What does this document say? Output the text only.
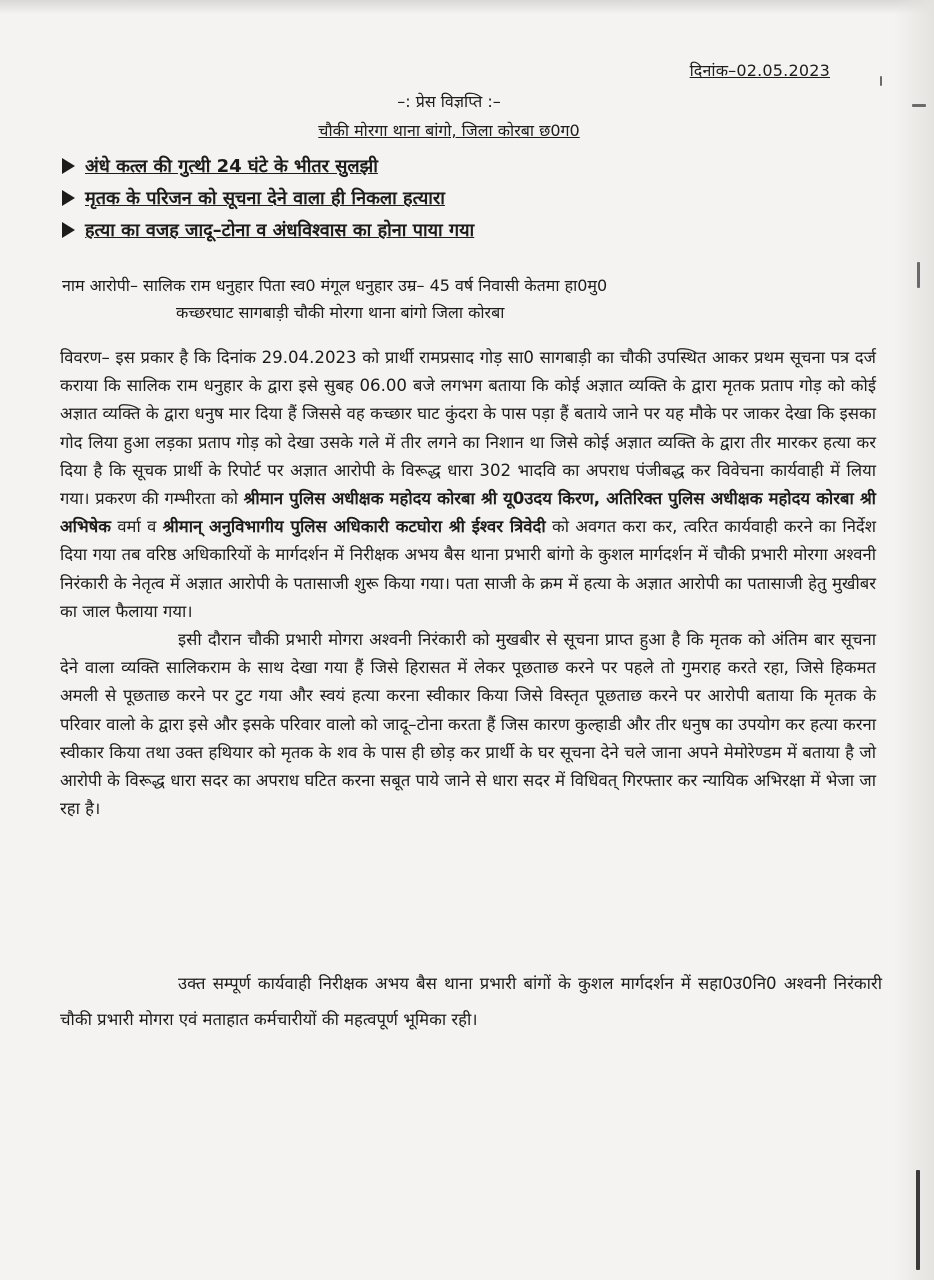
दिनांक–02.05.2023
–: प्रेस विज्ञप्ति :–
चौकी मोरगा थाना बांगो, जिला कोरबा छ0ग0
अंधे कत्ल की गुत्थी 24 घंटे के भीतर सुलझी
मृतक के परिजन को सूचना देने वाला ही निकला हत्यारा
हत्या का वजह जादू–टोना व अंधविश्वास का होना पाया गया
नाम आरोपी– सालिक राम धनुहार पिता स्व0 मंगूल धनुहार उम्र– 45 वर्ष निवासी केतमा हा0मु0
कच्छरघाट सागबाड़ी चौकी मोरगा थाना बांगो जिला कोरबा

विवरण– इस प्रकार है कि दिनांक 29.04.2023 को प्रार्थी रामप्रसाद गोड़ सा0 सागबाड़ी का चौकी उपस्थित आकर प्रथम सूचना पत्र दर्ज कराया कि सालिक राम धनुहार के द्वारा इसे सुबह 06.00 बजे लगभग बताया कि कोई अज्ञात व्यक्ति के द्वारा मृतक प्रताप गोड़ को कोई अज्ञात व्यक्ति के द्वारा धनुष मार दिया हैं जिससे वह कच्छार घाट कुंदरा के पास पड़ा हैं बताये जाने पर यह मौके पर जाकर देखा कि इसका गोद लिया हुआ लड़का प्रताप गोड़ को देखा उसके गले में तीर लगने का निशान था जिसे कोई अज्ञात व्यक्ति के द्वारा तीर मारकर हत्या कर दिया है कि सूचक प्रार्थी के रिपोर्ट पर अज्ञात आरोपी के विरूद्ध धारा 302 भादवि का अपराध पंजीबद्ध कर विवेचना कार्यवाही में लिया गया। प्रकरण की गम्भीरता को श्रीमान पुलिस अधीक्षक महोदय कोरबा श्री यू0उदय किरण, अतिरिक्त पुलिस अधीक्षक महोदय कोरबा श्री अभिषेक वर्मा व श्रीमान् अनुविभागीय पुलिस अधिकारी कटघोरा श्री ईश्वर त्रिवेदी को अवगत करा कर, त्वरित कार्यवाही करने का निर्देश दिया गया तब वरिष्ठ अधिकारियों के मार्गदर्शन में निरीक्षक अभय बैस थाना प्रभारी बांगो के कुशल मार्गदर्शन में चौकी प्रभारी मोरगा अश्वनी निरंकारी के नेतृत्व में अज्ञात आरोपी के पतासाजी शुरू किया गया। पता साजी के क्रम में हत्या के अज्ञात आरोपी का पतासाजी हेतु मुखीबर का जाल फैलाया गया।

इसी दौरान चौकी प्रभारी मोगरा अश्वनी निरंकारी को मुखबीर से सूचना प्राप्त हुआ है कि मृतक को अंतिम बार सूचना देने वाला व्यक्ति सालिकराम के साथ देखा गया हैं जिसे हिरासत में लेकर पूछताछ करने पर पहले तो गुमराह करते रहा, जिसे हिकमत अमली से पूछताछ करने पर टुट गया और स्वयं हत्या करना स्वीकार किया जिसे विस्तृत पूछताछ करने पर आरोपी बताया कि मृतक के परिवार वालो के द्वारा इसे और इसके परिवार वालो को जादू–टोना करता हैं जिस कारण कुल्हाडी और तीर धनुष का उपयोग कर हत्या करना स्वीकार किया तथा उक्त हथियार को मृतक के शव के पास ही छोड़ कर प्रार्थी के घर सूचना देने चले जाना अपने मेमोरेण्डम में बताया है जो आरोपी के विरूद्ध धारा सदर का अपराध घटित करना सबूत पाये जाने से धारा सदर में विधिवत् गिरफ्तार कर न्यायिक अभिरक्षा में भेजा जा रहा है।

उक्त सम्पूर्ण कार्यवाही निरीक्षक अभय बैस थाना प्रभारी बांगों के कुशल मार्गदर्शन में सहा0उ0नि0 अश्वनी निरंकारी चौकी प्रभारी मोगरा एवं मताहात कर्मचारीयों की महत्वपूर्ण भूमिका रही।
